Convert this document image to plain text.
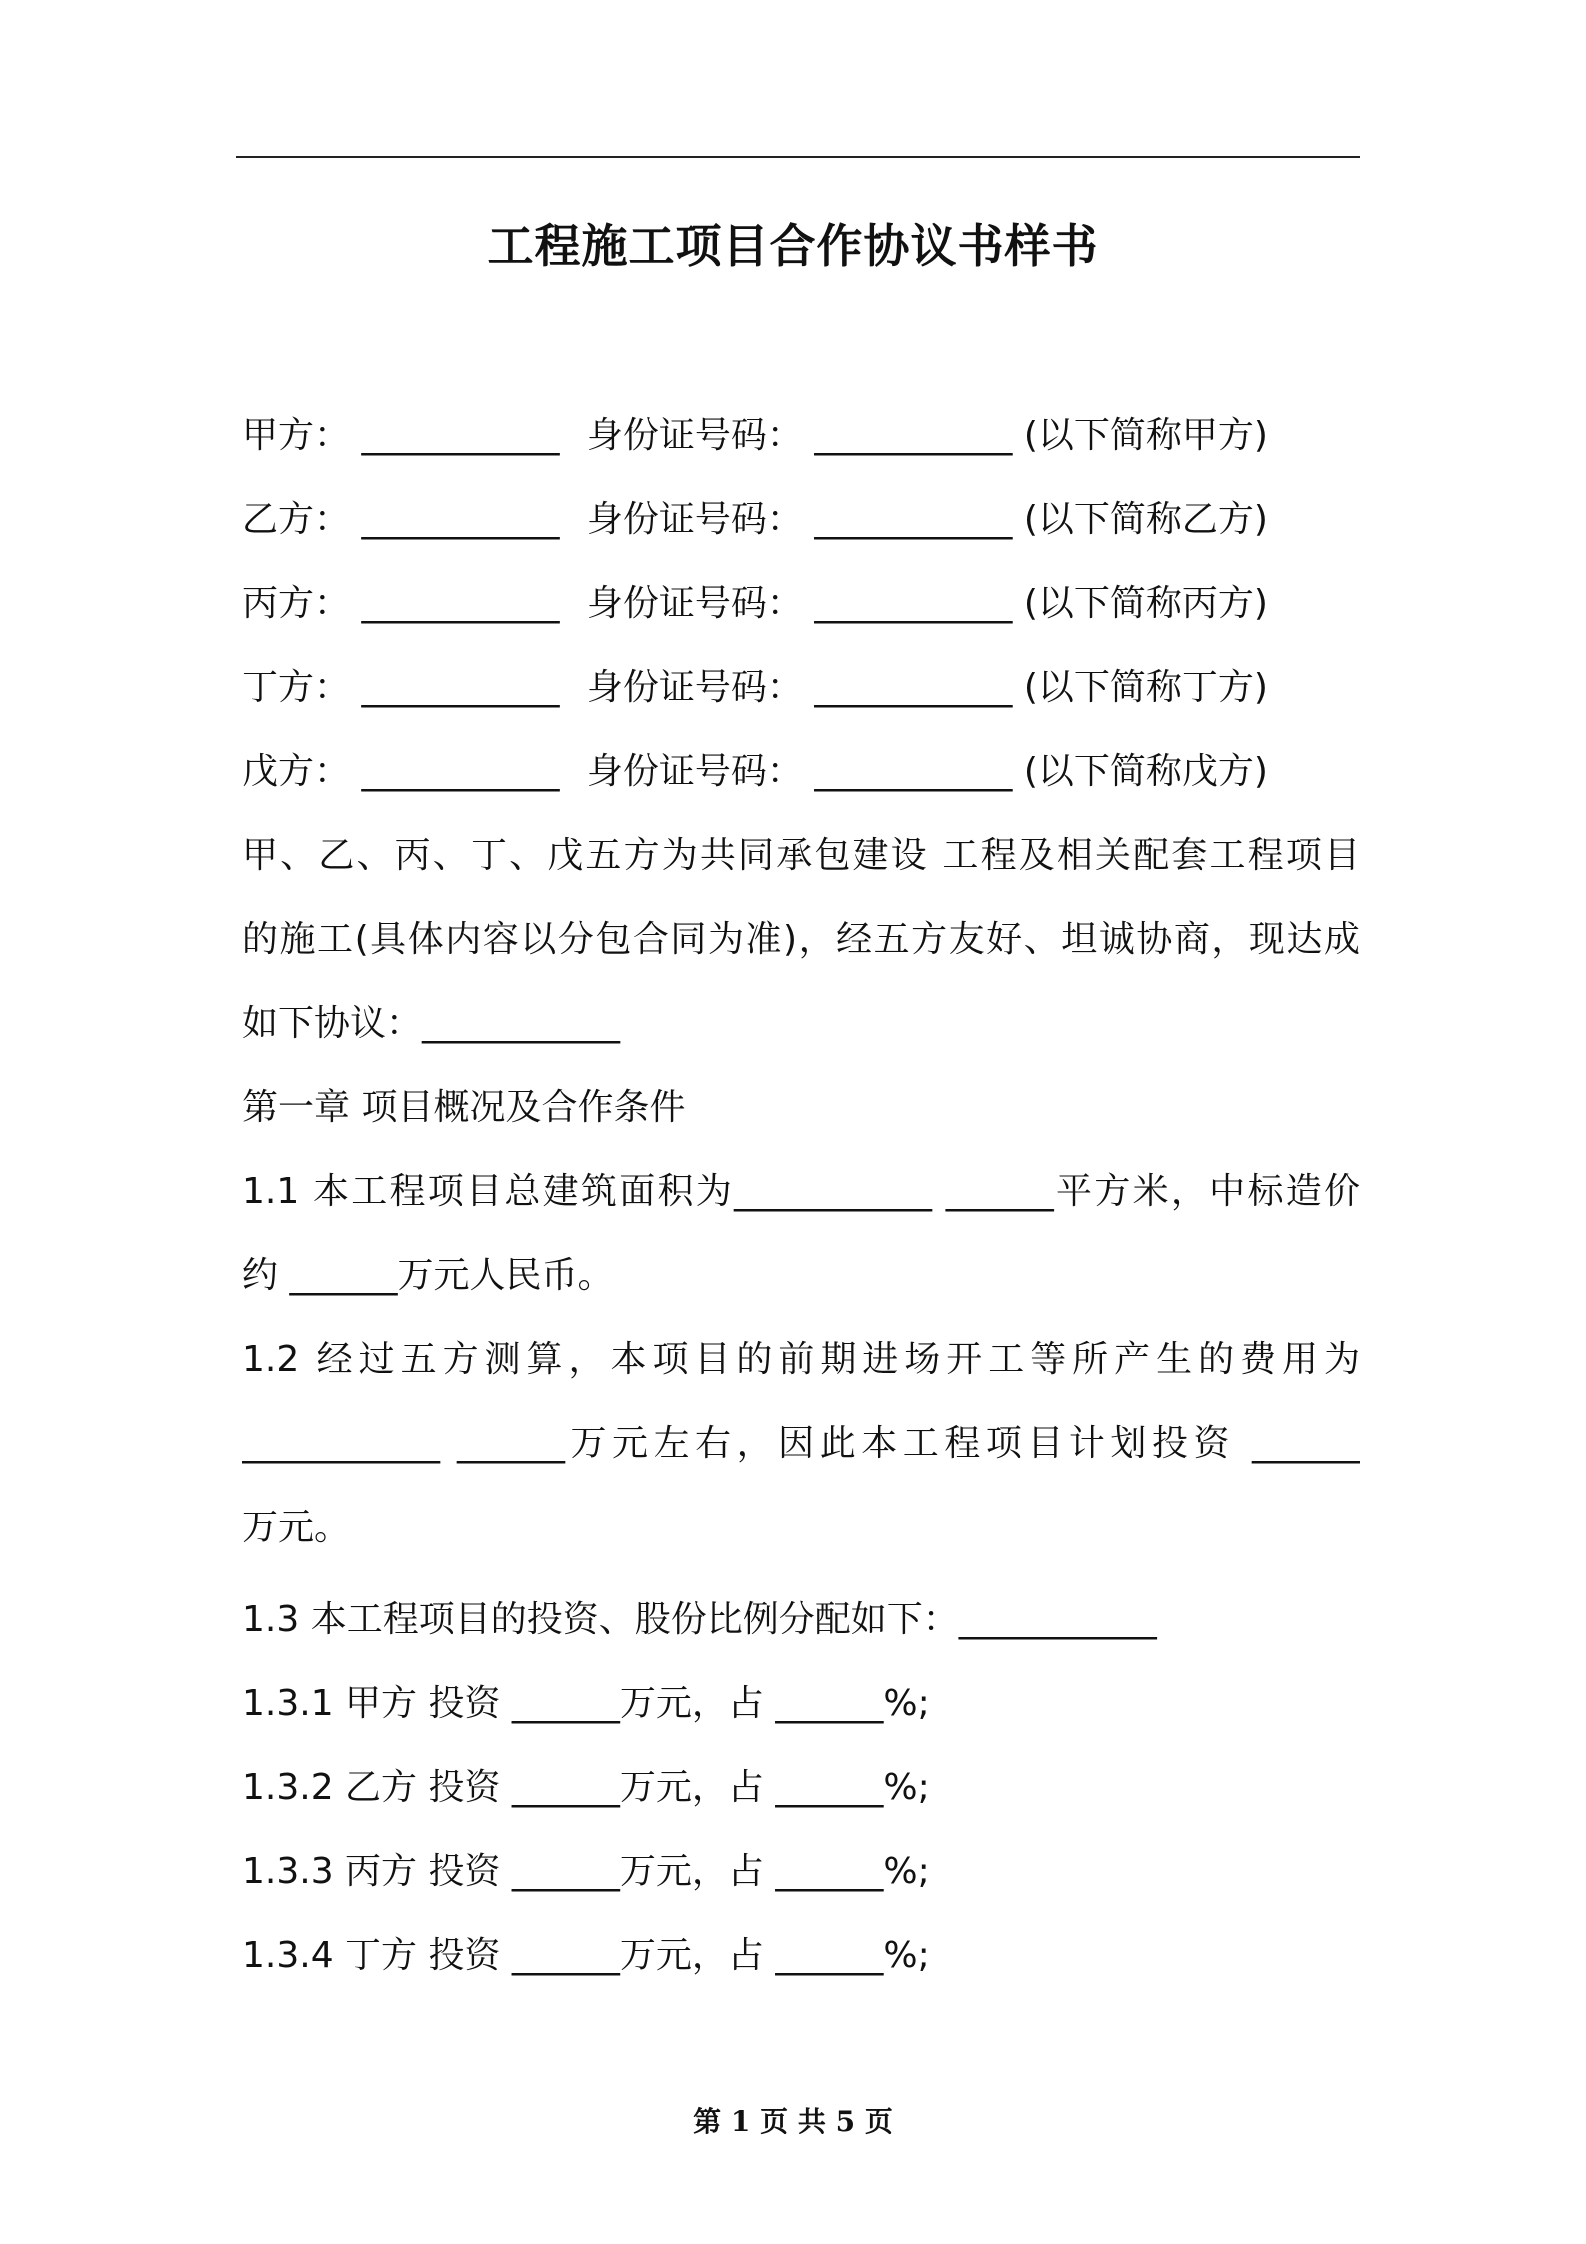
工程施工项目合作协议书样书
甲方： ___________ 身份证号码： ___________ (以下简称甲方)
乙方： ___________ 身份证号码： ___________ (以下简称乙方)
丙方： ___________ 身份证号码： ___________ (以下简称丙方)
丁方： ___________ 身份证号码： ___________ (以下简称丁方)
戊方： ___________ 身份证号码： ___________ (以下简称戊方)
甲、乙、丙、丁、戊五方为共同承包建设 工程及相关配套工程项目
的施工(具体内容以分包合同为准)，经五方友好、坦诚协商，现达成
如下协议：___________
第一章 项目概况及合作条件
1.1 本工程项目总建筑面积为___________ ______平方米，中标造价
约 ______万元人民币。
1.2 经过五方测算，本项目的前期进场开工等所产生的费用为
___________ ______万元左右，因此本工程项目计划投资 ______
万元。
1.3 本工程项目的投资、股份比例分配如下：___________
1.3.1 甲方 投资 ______万元，占 ______%;
1.3.2 乙方 投资 ______万元，占 ______%;
1.3.3 丙方 投资 ______万元，占 ______%;
1.3.4 丁方 投资 ______万元，占 ______%;
第 1 页 共 5 页
